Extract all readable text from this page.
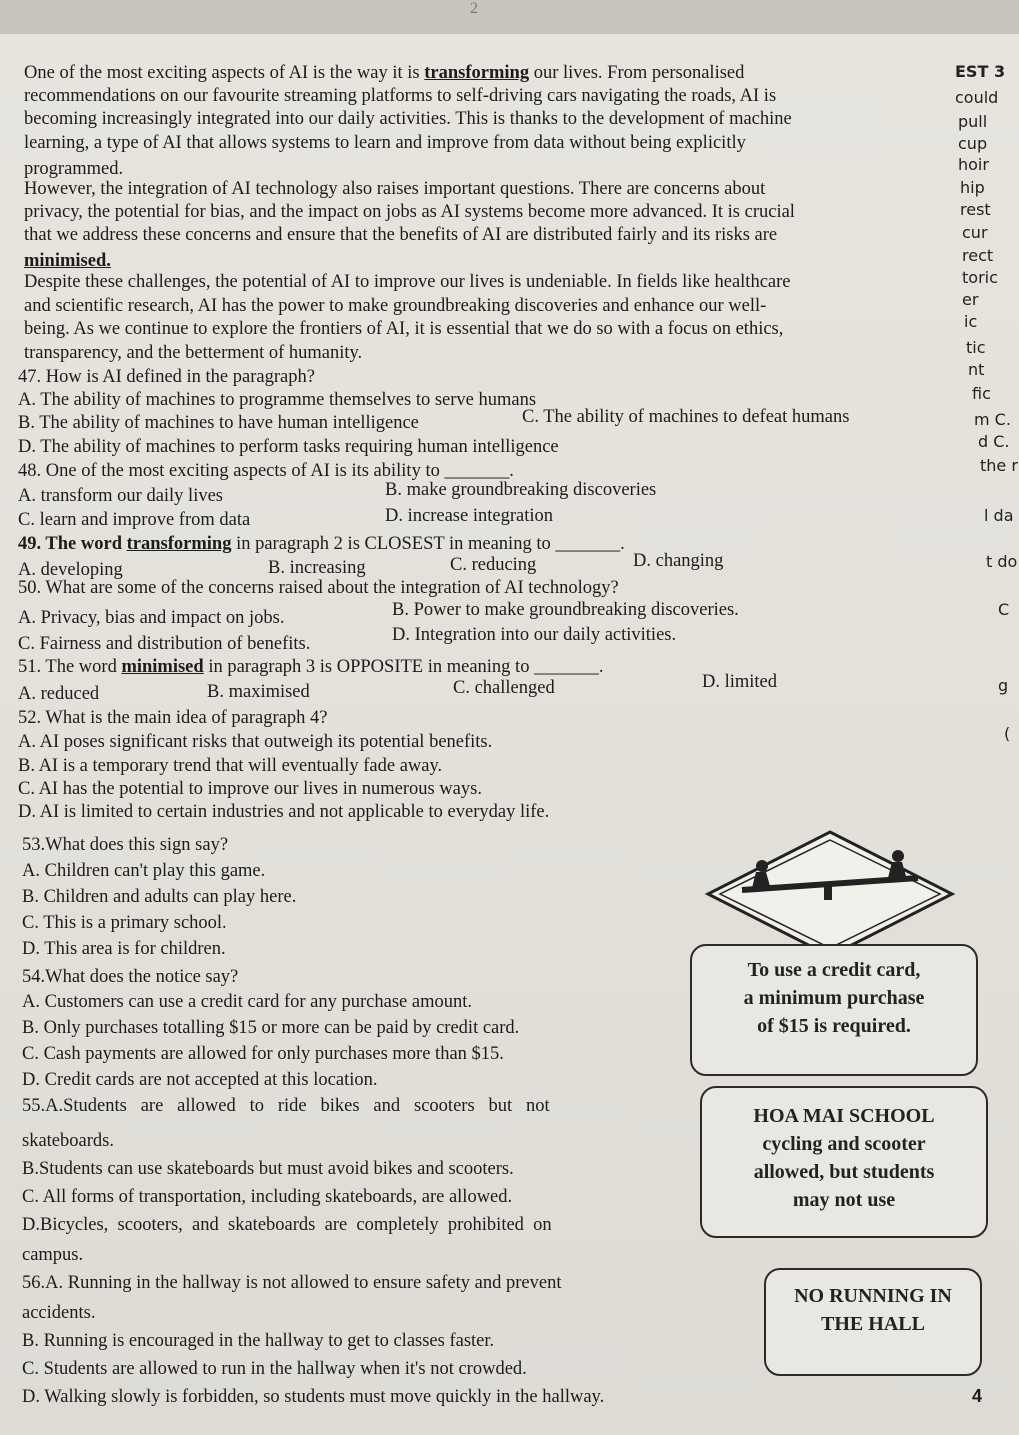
2
One of the most exciting aspects of AI is the way it is transforming our lives. From personalised
recommendations on our favourite streaming platforms to self-driving cars navigating the roads, AI is
becoming increasingly integrated into our daily activities. This is thanks to the development of machine
learning, a type of AI that allows systems to learn and improve from data without being explicitly
programmed.
However, the integration of AI technology also raises important questions. There are concerns about
privacy, the potential for bias, and the impact on jobs as AI systems become more advanced. It is crucial
that we address these concerns and ensure that the benefits of AI are distributed fairly and its risks are
minimised.
Despite these challenges, the potential of AI to improve our lives is undeniable. In fields like healthcare
and scientific research, AI has the power to make groundbreaking discoveries and enhance our well-
being. As we continue to explore the frontiers of AI, it is essential that we do so with a focus on ethics,
transparency, and the betterment of humanity.
47. How is AI defined in the paragraph?
A. The ability of machines to programme themselves to serve humans
B. The ability of machines to have human intelligence	C. The ability of machines to defeat humans
D. The ability of machines to perform tasks requiring human intelligence
48. One of the most exciting aspects of AI is its ability to _______.
A. transform our daily lives	B. make groundbreaking discoveries
C. learn and improve from data	D. increase integration
49. The word transforming in paragraph 2 is CLOSEST in meaning to _______.
A. developing	B. increasing	C. reducing	D. changing
50. What are some of the concerns raised about the integration of AI technology?
A. Privacy, bias and impact on jobs.	B. Power to make groundbreaking discoveries.
C. Fairness and distribution of benefits.	D. Integration into our daily activities.
51. The word minimised in paragraph 3 is OPPOSITE in meaning to _______.
A. reduced	B. maximised	C. challenged	D. limited
52. What is the main idea of paragraph 4?
A. AI poses significant risks that outweigh its potential benefits.
B. AI is a temporary trend that will eventually fade away.
C. AI has the potential to improve our lives in numerous ways.
D. AI is limited to certain industries and not applicable to everyday life.
53.What does this sign say?
A. Children can't play this game.
B. Children and adults can play here.
C. This is a primary school.
D. This area is for children.
54.What does the notice say?
A. Customers can use a credit card for any purchase amount.
B. Only purchases totalling $15 or more can be paid by credit card.
C. Cash payments are allowed for only purchases more than $15.
D. Credit cards are not accepted at this location.
To use a credit card,
a minimum purchase
of $15 is required.
55.A.Students   are   allowed   to   ride   bikes   and   scooters   but   not
skateboards.
B.Students can use skateboards but must avoid bikes and scooters.
C. All forms of transportation, including skateboards, are allowed.
D.Bicycles,  scooters,  and  skateboards  are  completely  prohibited  on
campus.
HOA MAI SCHOOL
cycling and scooter
allowed, but students
may not use
56.A. Running in the hallway is not allowed to ensure safety and prevent
accidents.
B. Running is encouraged in the hallway to get to classes faster.
C. Students are allowed to run in the hallway when it's not crowded.
D. Walking slowly is forbidden, so students must move quickly in the hallway.
NO RUNNING IN
THE HALL
EST 3
could
pull
cup
hoir
hip
rest
cur
rect
toric
er
ic
tic
nt
fic
m C.
d C.
the r
l da
t do
C
g
(
4
